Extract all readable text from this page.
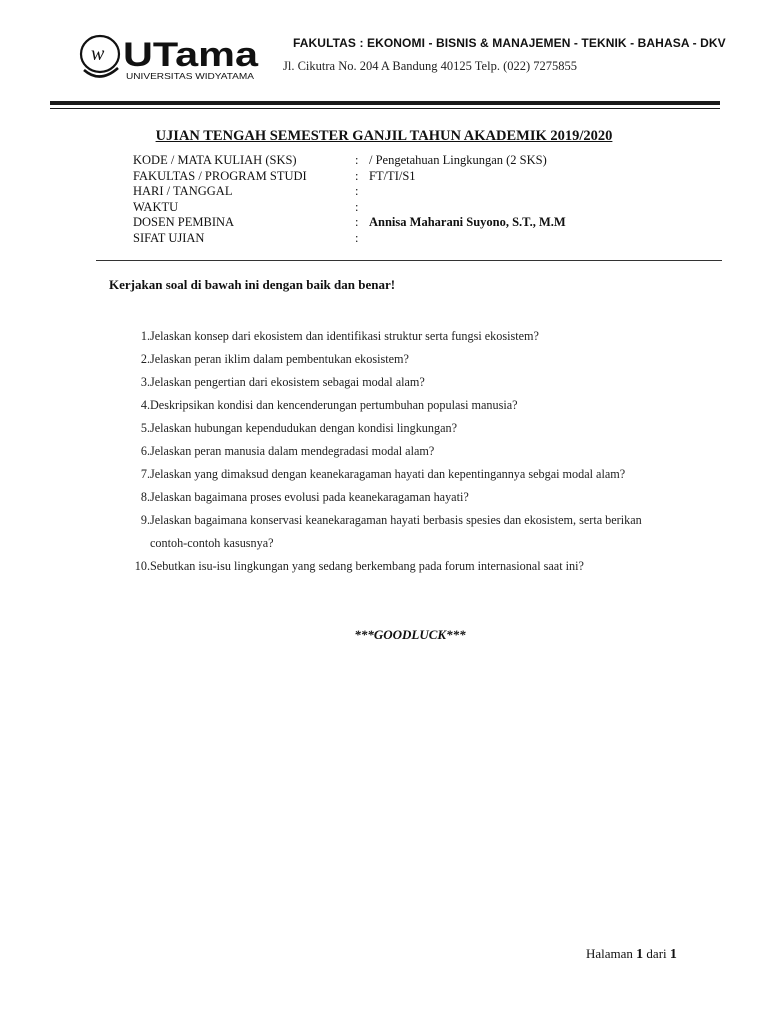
w UTama
UNIVERSITAS WIDYATAMA
FAKULTAS : EKONOMI - BISNIS & MANAJEMEN - TEKNIK - BAHASA - DKV
Jl. Cikutra No. 204 A Bandung 40125 Telp. (022) 7275855
UJIAN TENGAH SEMESTER GANJIL TAHUN AKADEMIK 2019/2020
KODE / MATA KULIAH (SKS)	: / Pengetahuan Lingkungan (2 SKS)
FAKULTAS / PROGRAM STUDI	: FT/TI/S1
HARI / TANGGAL	:
WAKTU	:
DOSEN PEMBINA	: Annisa Maharani Suyono, S.T., M.M
SIFAT UJIAN	:
Kerjakan soal di bawah ini dengan baik dan benar!
1. Jelaskan konsep dari ekosistem dan identifikasi struktur serta fungsi ekosistem?
2. Jelaskan peran iklim dalam pembentukan ekosistem?
3. Jelaskan pengertian dari ekosistem sebagai modal alam?
4. Deskripsikan kondisi dan kencenderungan pertumbuhan populasi manusia?
5. Jelaskan hubungan kependudukan dengan kondisi lingkungan?
6. Jelaskan peran manusia dalam mendegradasi modal alam?
7. Jelaskan yang dimaksud dengan keanekaragaman hayati dan kepentingannya sebgai modal alam?
8. Jelaskan bagaimana proses evolusi pada keanekaragaman hayati?
9. Jelaskan bagaimana konservasi keanekaragaman hayati berbasis spesies dan ekosistem, serta berikan
contoh-contoh kasusnya?
10. Sebutkan isu-isu lingkungan yang sedang berkembang pada forum internasional saat ini?
***GOODLUCK***
Halaman 1 dari 1
